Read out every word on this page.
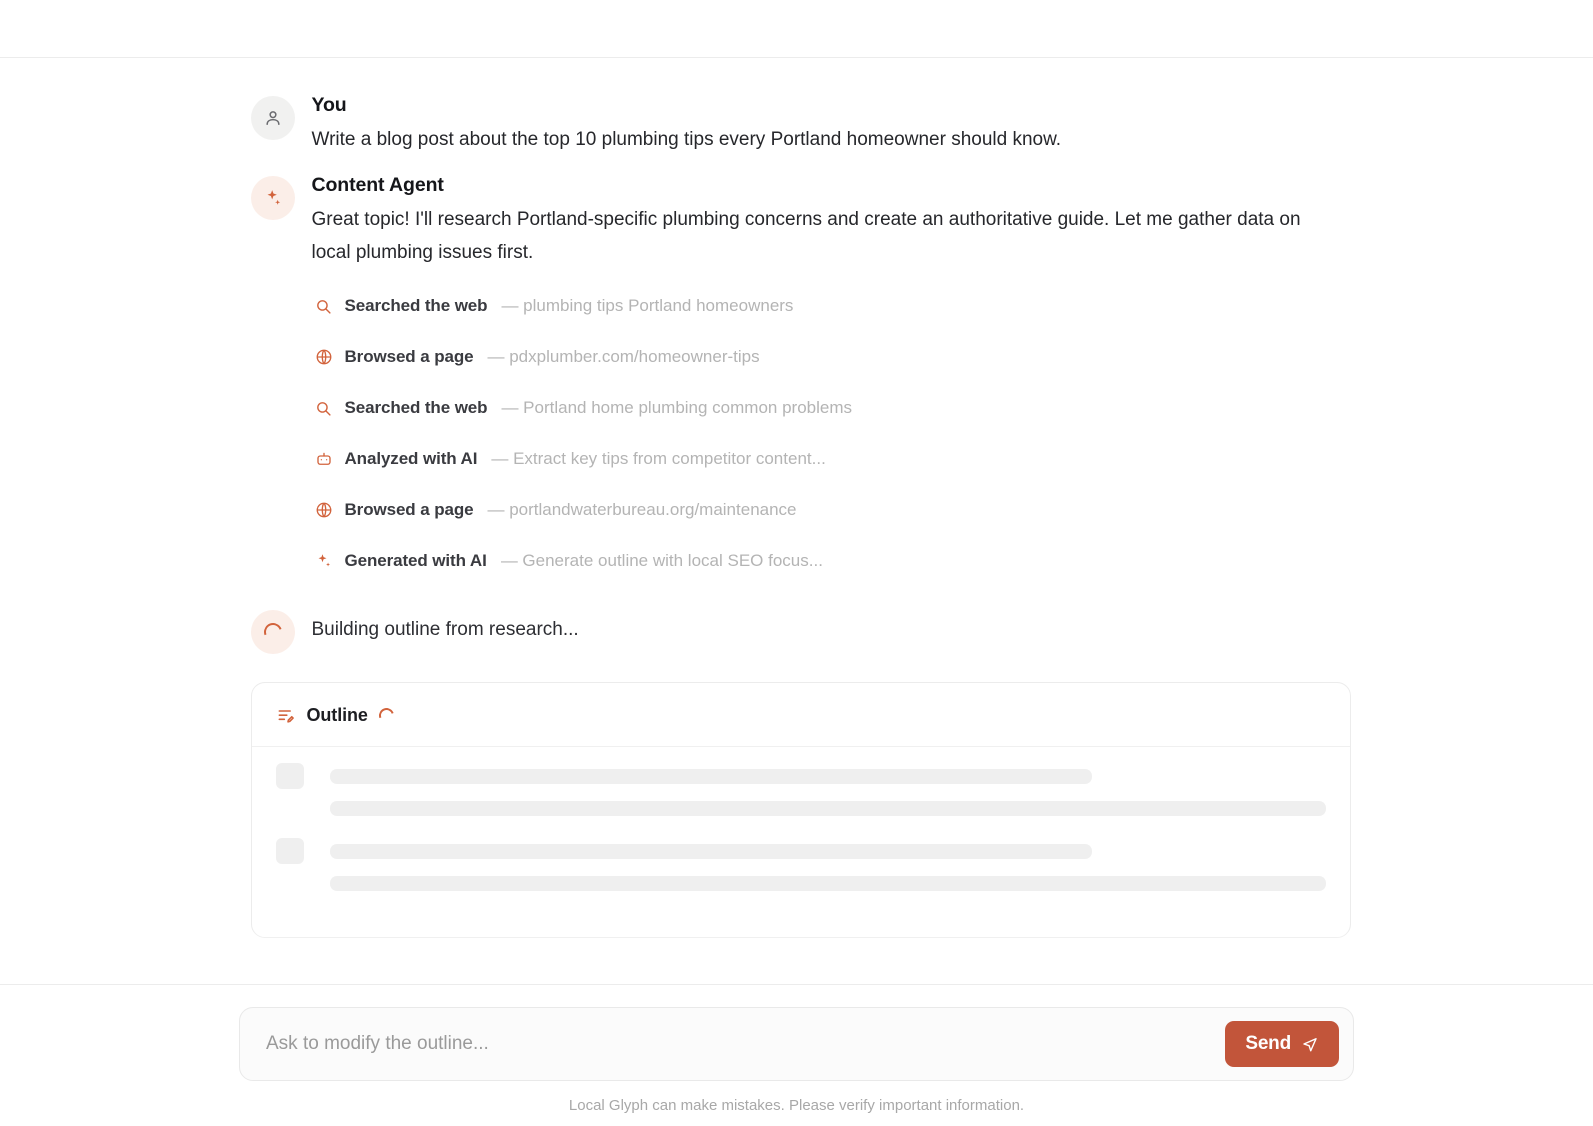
You
Write a blog post about the top 10 plumbing tips every Portland homeowner should know.
Content Agent
Great topic! I'll research Portland-specific plumbing concerns and create an authoritative guide. Let me gather data on local plumbing issues first.
Searched the web — plumbing tips Portland homeowners
Browsed a page — pdxplumber.com/homeowner-tips
Searched the web — Portland home plumbing common problems
Analyzed with AI — Extract key tips from competitor content...
Browsed a page — portlandwaterbureau.org/maintenance
Generated with AI — Generate outline with local SEO focus...
Building outline from research...
Outline
Ask to modify the outline...
Send
Local Glyph can make mistakes. Please verify important information.
